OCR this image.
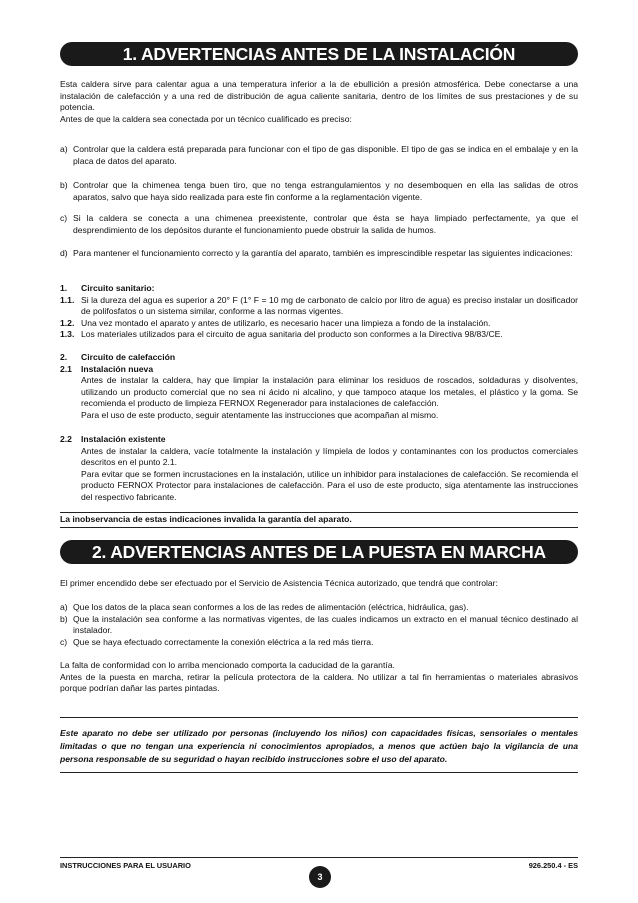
1. ADVERTENCIAS ANTES DE LA INSTALACIÓN
Esta caldera sirve para calentar agua a una temperatura inferior a la de ebullición a presión atmosférica. Debe conectarse a una instalación de calefacción y a una red de distribución de agua caliente sanitaria, dentro de los límites de sus prestaciones y de su potencia.
Antes de que la caldera sea conectada por un técnico cualificado es preciso:
a) Controlar que la caldera está preparada para funcionar con el tipo de gas disponible. El tipo de gas se indica en el embalaje y en la placa de datos del aparato.
b) Controlar que la chimenea tenga buen tiro, que no tenga estrangulamientos y no desemboquen en ella las salidas de otros aparatos, salvo que haya sido realizada para este fin conforme a la reglamentación vigente.
c) Si la caldera se conecta a una chimenea preexistente, controlar que ésta se haya limpiado perfectamente, ya que el desprendimiento de los depósitos durante el funcionamiento puede obstruir la salida de humos.
d) Para mantener el funcionamiento correcto y la garantía del aparato, también es imprescindible respetar las siguientes indicaciones:
1. Circuito sanitario:
1.1. Si la dureza del agua es superior a 20° F (1° F = 10 mg de carbonato de calcio por litro de agua) es preciso instalar un dosificador de polifosfatos o un sistema similar, conforme a las normas vigentes.
1.2. Una vez montado el aparato y antes de utilizarlo, es necesario hacer una limpieza a fondo de la instalación.
1.3. Los materiales utilizados para el circuito de agua sanitaria del producto son conformes a la Directiva 98/83/CE.
2. Circuito de calefacción
2.1 Instalación nueva
Antes de instalar la caldera, hay que limpiar la instalación para eliminar los residuos de roscados, soldaduras y disolventes, utilizando un producto comercial que no sea ni ácido ni alcalino, y que tampoco ataque los metales, el plástico y la goma. Se recomienda el producto de limpieza FERNOX Regenerador para instalaciones de calefacción.
Para el uso de este producto, seguir atentamente las instrucciones que acompañan al mismo.
2.2 Instalación existente
Antes de instalar la caldera, vacíe totalmente la instalación y límpiela de lodos y contaminantes con los productos comerciales descritos en el punto 2.1.
Para evitar que se formen incrustaciones en la instalación, utilice un inhibidor para instalaciones de calefacción. Se recomienda el producto FERNOX Protector para instalaciones de calefacción. Para el uso de este producto, siga atentamente las instrucciones del respectivo fabricante.
La inobservancia de estas indicaciones invalida la garantía del aparato.
2. ADVERTENCIAS ANTES DE LA PUESTA EN MARCHA
El primer encendido debe ser efectuado por el Servicio de Asistencia Técnica autorizado, que tendrá que controlar:
a) Que los datos de la placa sean conformes a los de las redes de alimentación (eléctrica, hidráulica, gas).
b) Que la instalación sea conforme a las normativas vigentes, de las cuales indicamos un extracto en el manual técnico destinado al instalador.
c) Que se haya efectuado correctamente la conexión eléctrica a la red más tierra.
La falta de conformidad con lo arriba mencionado comporta la caducidad de la garantía.
Antes de la puesta en marcha, retirar la película protectora de la caldera. No utilizar a tal fin herramientas o materiales abrasivos porque podrían dañar las partes pintadas.
Este aparato no debe ser utilizado por personas (incluyendo los niños) con capacidades físicas, sensoriales o mentales limitadas o que no tengan una experiencia ni conocimientos apropiados, a menos que actúen bajo la vigilancia de una persona responsable de su seguridad o hayan recibido instrucciones sobre el uso del aparato.
INSTRUCCIONES PARA EL USUARIO
3
926.250.4 - ES
